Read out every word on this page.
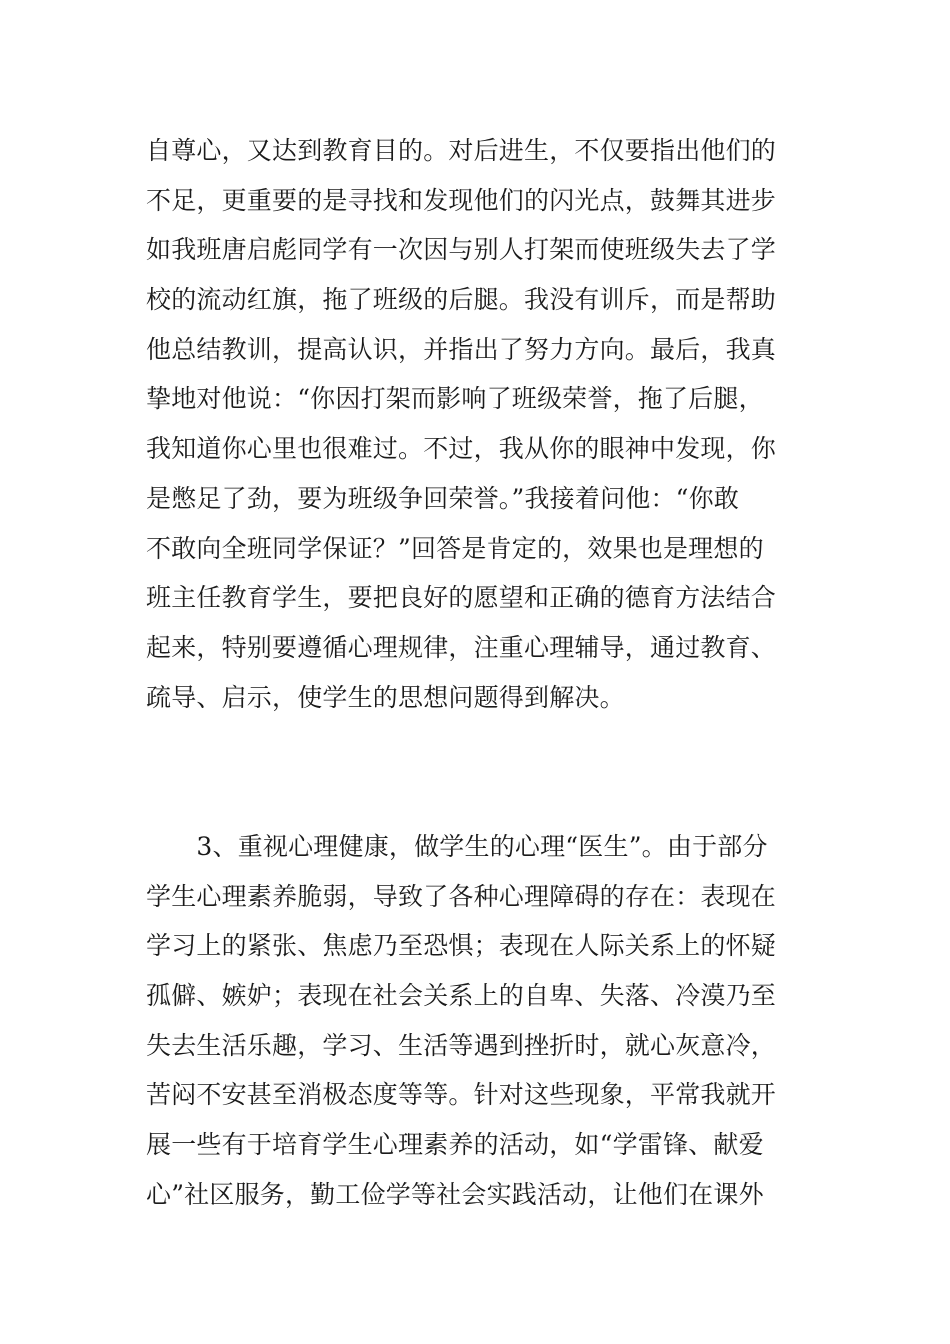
自尊心，又达到教育目的。对后进生，不仅要指出他们的
不足，更重要的是寻找和发现他们的闪光点，鼓舞其进步
如我班唐启彪同学有一次因与别人打架而使班级失去了学
校的流动红旗，拖了班级的后腿。我没有训斥，而是帮助
他总结教训，提高认识，并指出了努力方向。最后，我真
挚地对他说：“你因打架而影响了班级荣誉，拖了后腿，
我知道你心里也很难过。不过，我从你的眼神中发现，你
是憋足了劲，要为班级争回荣誉。”我接着问他：“你敢
不敢向全班同学保证？”回答是肯定的，效果也是理想的
班主任教育学生，要把良好的愿望和正确的德育方法结合
起来，特别要遵循心理规律，注重心理辅导，通过教育、
疏导、启示，使学生的思想问题得到解决。
　　3、重视心理健康，做学生的心理“医生”。由于部分
学生心理素养脆弱，导致了各种心理障碍的存在：表现在
学习上的紧张、焦虑乃至恐惧；表现在人际关系上的怀疑
孤僻、嫉妒；表现在社会关系上的自卑、失落、冷漠乃至
失去生活乐趣，学习、生活等遇到挫折时，就心灰意冷，
苦闷不安甚至消极态度等等。针对这些现象，平常我就开
展一些有于培育学生心理素养的活动，如“学雷锋、献爱
心”社区服务，勤工俭学等社会实践活动，让他们在课外
